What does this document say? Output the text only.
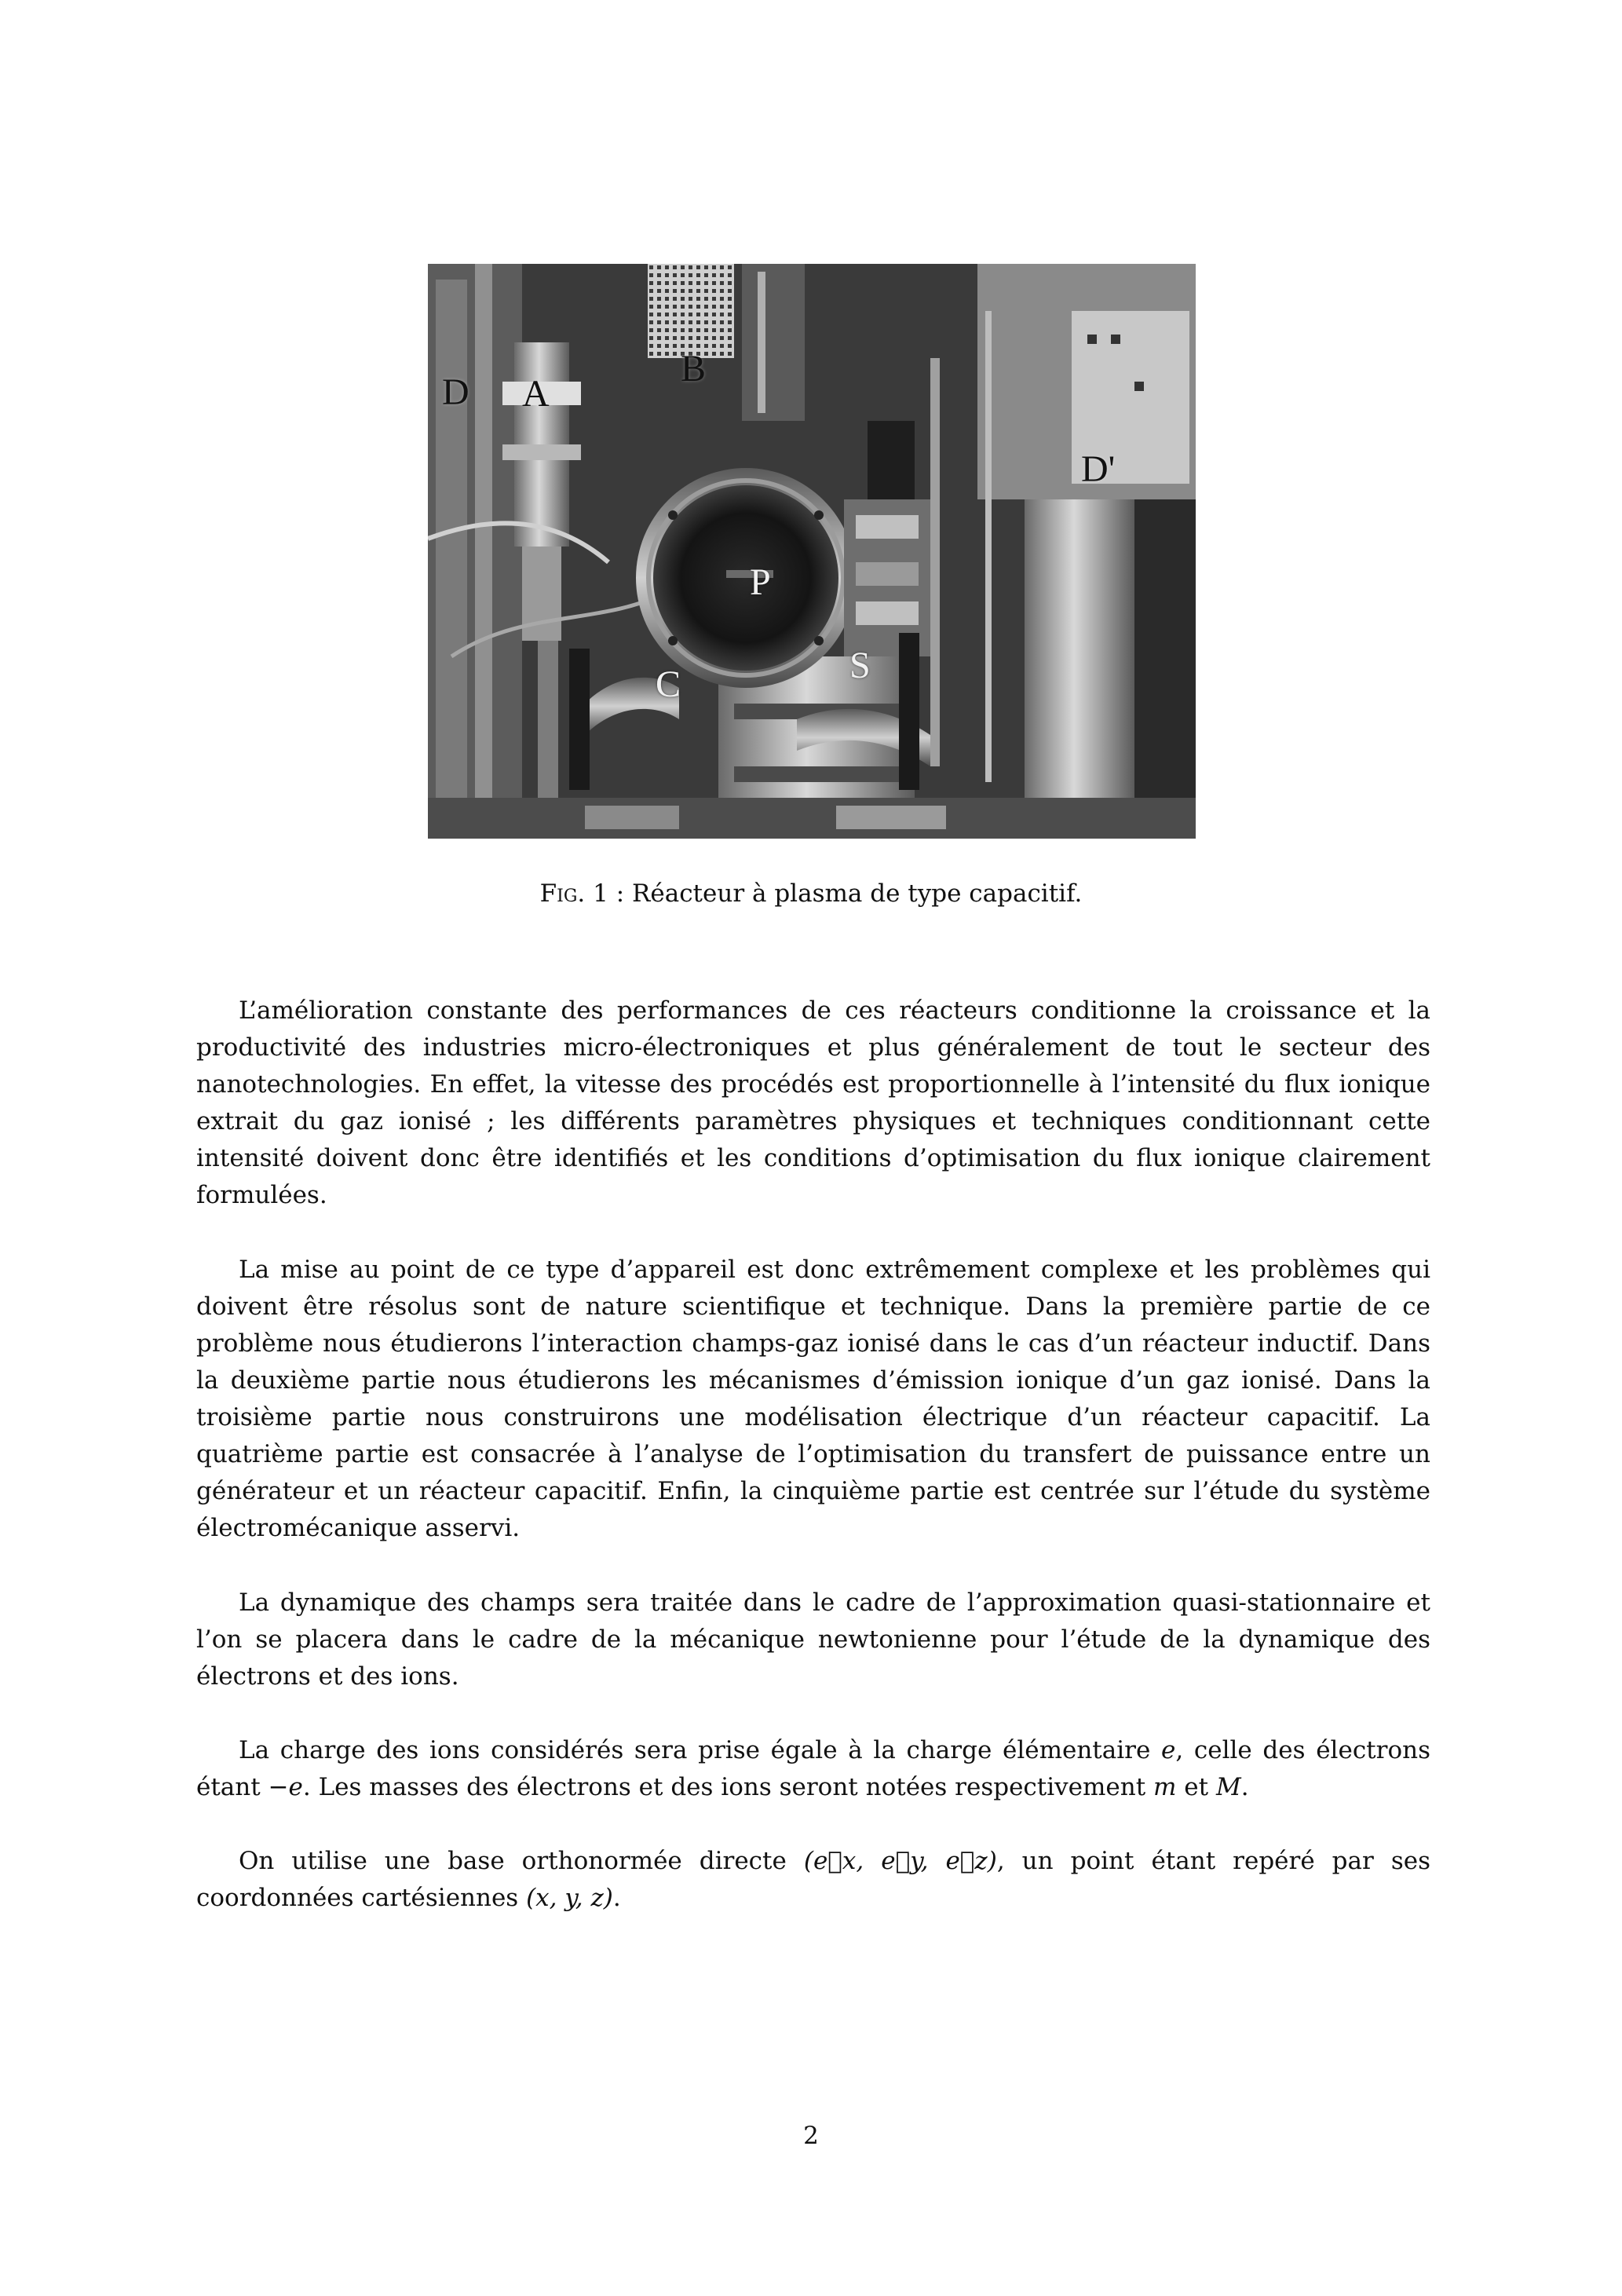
D A
B
D'
P
C	S
Fig. 1 : Réacteur à plasma de type capacitif.

L’amélioration constante des performances de ces réacteurs conditionne la croissance et la productivité des industries micro-électroniques et plus généralement de tout le secteur des nanotechnologies. En effet, la vitesse des procédés est proportionnelle à l’intensité du flux ionique extrait du gaz ionisé ; les différents paramètres physiques et techniques conditionnant cette intensité doivent donc être identifiés et les conditions d’optimisation du flux ionique clairement formulées.

La mise au point de ce type d’appareil est donc extrêmement complexe et les problèmes qui doivent être résolus sont de nature scientifique et technique. Dans la première partie de ce problème nous étudierons l’interaction champs-gaz ionisé dans le cas d’un réacteur inductif. Dans la deuxième partie nous étudierons les mécanismes d’émission ionique d’un gaz ionisé. Dans la troisième partie nous construirons une modélisation électrique d’un réacteur capacitif. La quatrième partie est consacrée à l’analyse de l’optimisation du transfert de puissance entre un générateur et un réacteur capacitif. Enfin, la cinquième partie est centrée sur l’étude du système électromécanique asservi.

La dynamique des champs sera traitée dans le cadre de l’approximation quasi-stationnaire et l’on se placera dans le cadre de la mécanique newtonienne pour l’étude de la dynamique des électrons et des ions.

La charge des ions considérés sera prise égale à la charge élémentaire e, celle des électrons étant −e. Les masses des électrons et des ions seront notées respectivement m et M.

On utilise une base orthonormée directe (e⃗x, e⃗y, e⃗z), un point étant repéré par ses coordonnées cartésiennes (x, y, z).

2
